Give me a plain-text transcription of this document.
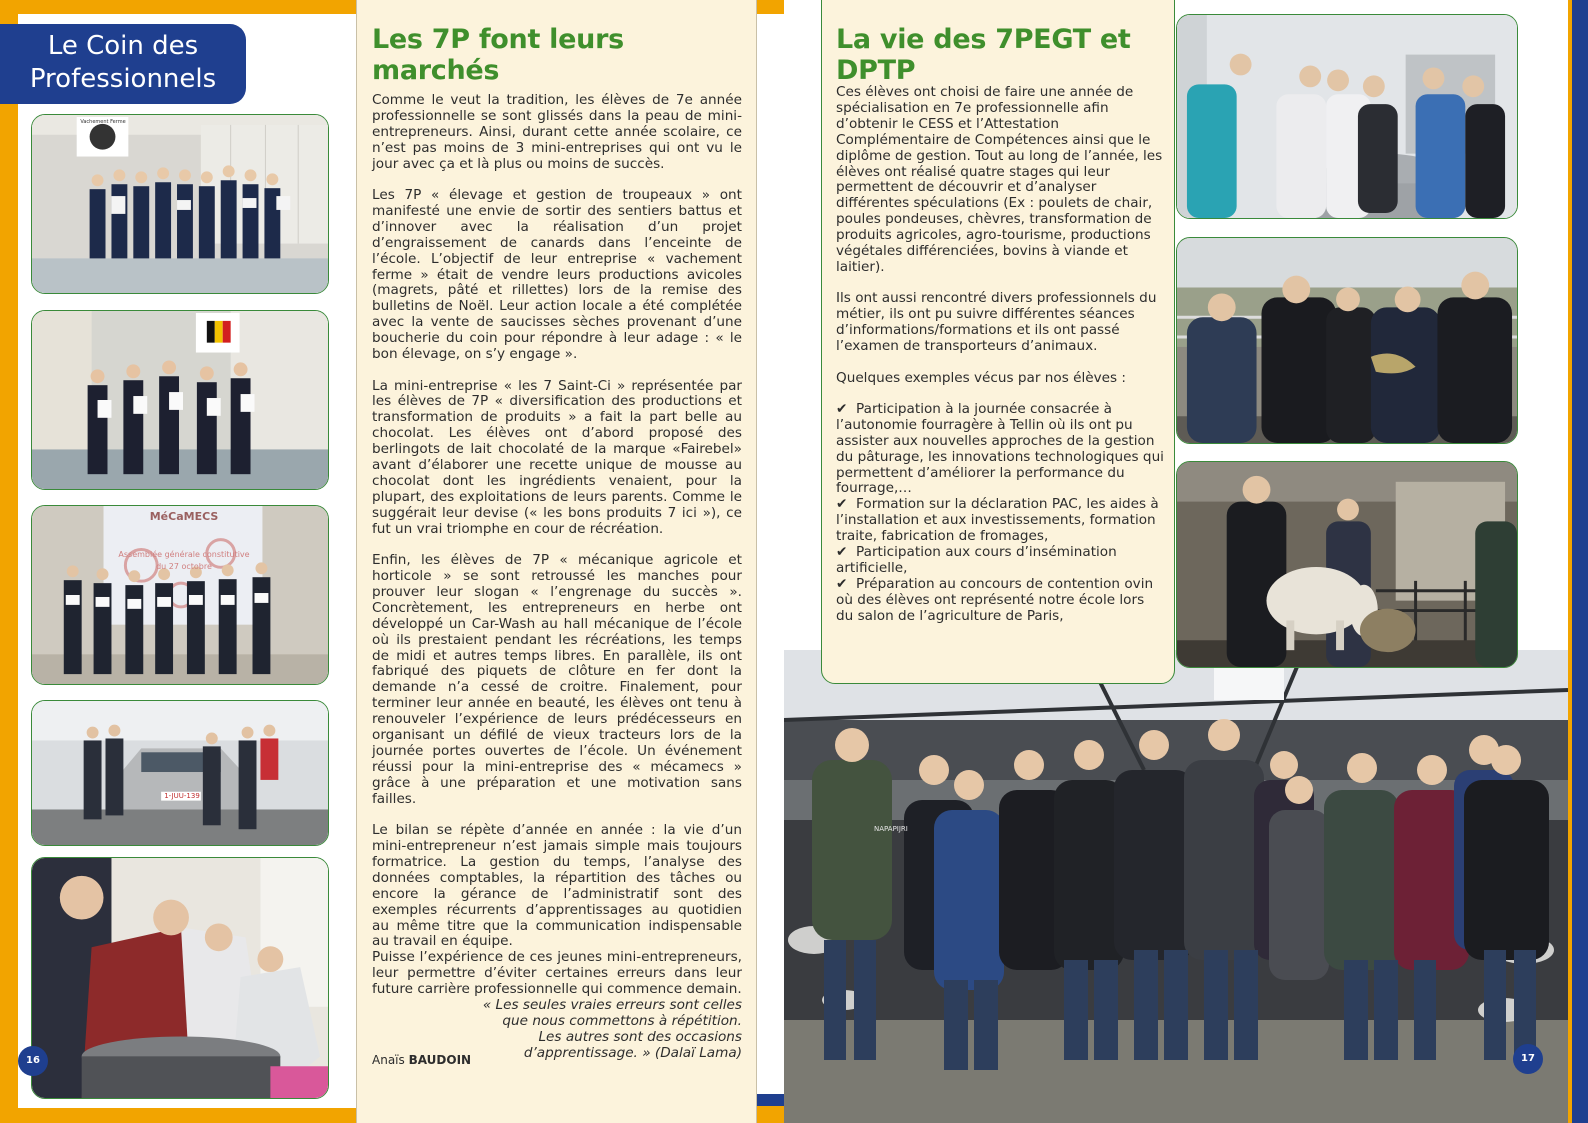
Le Coin des
Professionnels
Vachement Ferme
MéCaMECS
Assemblée générale constitutive
du 27 octobre
1-JUU-139
16
Les 7P font leurs marchés

Comme le veut la tradition, les élèves de 7e année professionnelle se sont glissés dans la peau de mini-entrepreneurs. Ainsi, durant cette année scolaire, ce n’est pas moins de 3 mini-entreprises qui ont vu le jour avec ça et là plus ou moins de succès.

Les 7P « élevage et gestion de troupeaux » ont manifesté une envie de sortir des sentiers battus et d’innover avec la réalisation d’un projet d’engraissement de canards dans l’enceinte de l’école. L’objectif de leur entreprise « vachement ferme » était de vendre leurs productions avicoles (magrets, pâté et rillettes) lors de la remise des bulletins de Noël. Leur action locale a été complétée avec la vente de saucisses sèches provenant d’une boucherie du coin pour répondre à leur adage : « le bon élevage, on s’y engage ».

La mini-entreprise « les 7 Saint-Ci » représentée par les élèves de 7P « diversification des productions et transformation de produits » a fait la part belle au chocolat. Les élèves ont d’abord proposé des berlingots de lait chocolaté de la marque «Fairebel» avant d’élaborer une recette unique de mousse au chocolat dont les ingrédients venaient, pour la plupart, des exploitations de leurs parents. Comme le suggérait leur devise (« les bons produits 7 ici »), ce fut un vrai triomphe en cour de récréation.

Enfin, les élèves de 7P « mécanique agricole et horticole » se sont retroussé les manches pour prouver leur slogan « l’engrenage du succès ». Concrètement, les entrepreneurs en herbe ont développé un Car-Wash au hall mécanique de l’école où ils prestaient pendant les récréations, les temps de midi et autres temps libres. En parallèle, ils ont fabriqué des piquets de clôture en fer dont la demande n’a cessé de croitre. Finalement, pour terminer leur année en beauté, les élèves ont tenu à renouveler l’expérience de leurs prédécesseurs en organisant un défilé de vieux tracteurs lors de la journée portes ouvertes de l’école. Un événement réussi pour la mini-entreprise des « mécamecs » grâce à une préparation et une motivation sans failles.

Le bilan se répète d’année en année : la vie d’un mini-entrepreneur n’est jamais simple mais toujours formatrice. La gestion du temps, l’analyse des données comptables, la répartition des tâches ou encore la gérance de l’administratif sont des exemples récurrents d’apprentissages au quotidien au même titre que la communication indispensable au travail en équipe.

Puisse l’expérience de ces jeunes mini-entrepreneurs, leur permettre d’éviter certaines erreurs dans leur future carrière professionnelle qui commence demain.

« Les seules vraies erreurs sont celles
que nous commettons à répétition.
Les autres sont des occasions
d’apprentissage. » (Dalaï Lama)
Anaïs BAUDOIN
NAPAPIJRI
La vie des 7PEGT et DPTP

Ces élèves ont choisi de faire une année de spécialisation en 7e professionnelle afin d’obtenir le CESS et l’Attestation Complémentaire de Compétences ainsi que le diplôme de gestion. Tout au long de l’année, les élèves ont réalisé quatre stages qui leur permettent de découvrir et d’analyser différentes spéculations (Ex : poulets de chair, poules pondeuses, chèvres, transformation de produits agricoles, agro-tourisme, productions végétales différenciées, bovins à viande et laitier).

Ils ont aussi rencontré divers professionnels du métier, ils ont pu suivre différentes séances d’informations/formations et ils ont passé l’examen de transporteurs d’animaux.

Quelques exemples vécus par nos élèves :

✔ Participation à la journée consacrée à l’autonomie fourragère à Tellin où ils ont pu assister aux nouvelles approches de la gestion du pâturage, les innovations technologiques qui permettent d’améliorer la performance du fourrage,…
✔ Formation sur la déclaration PAC, les aides à l’installation et aux investissements, formation traite, fabrication de fromages,
✔ Participation aux cours d’insémination artificielle,
✔ Préparation au concours de contention ovin où des élèves ont représenté notre école lors du salon de l’agriculture de Paris,
17
